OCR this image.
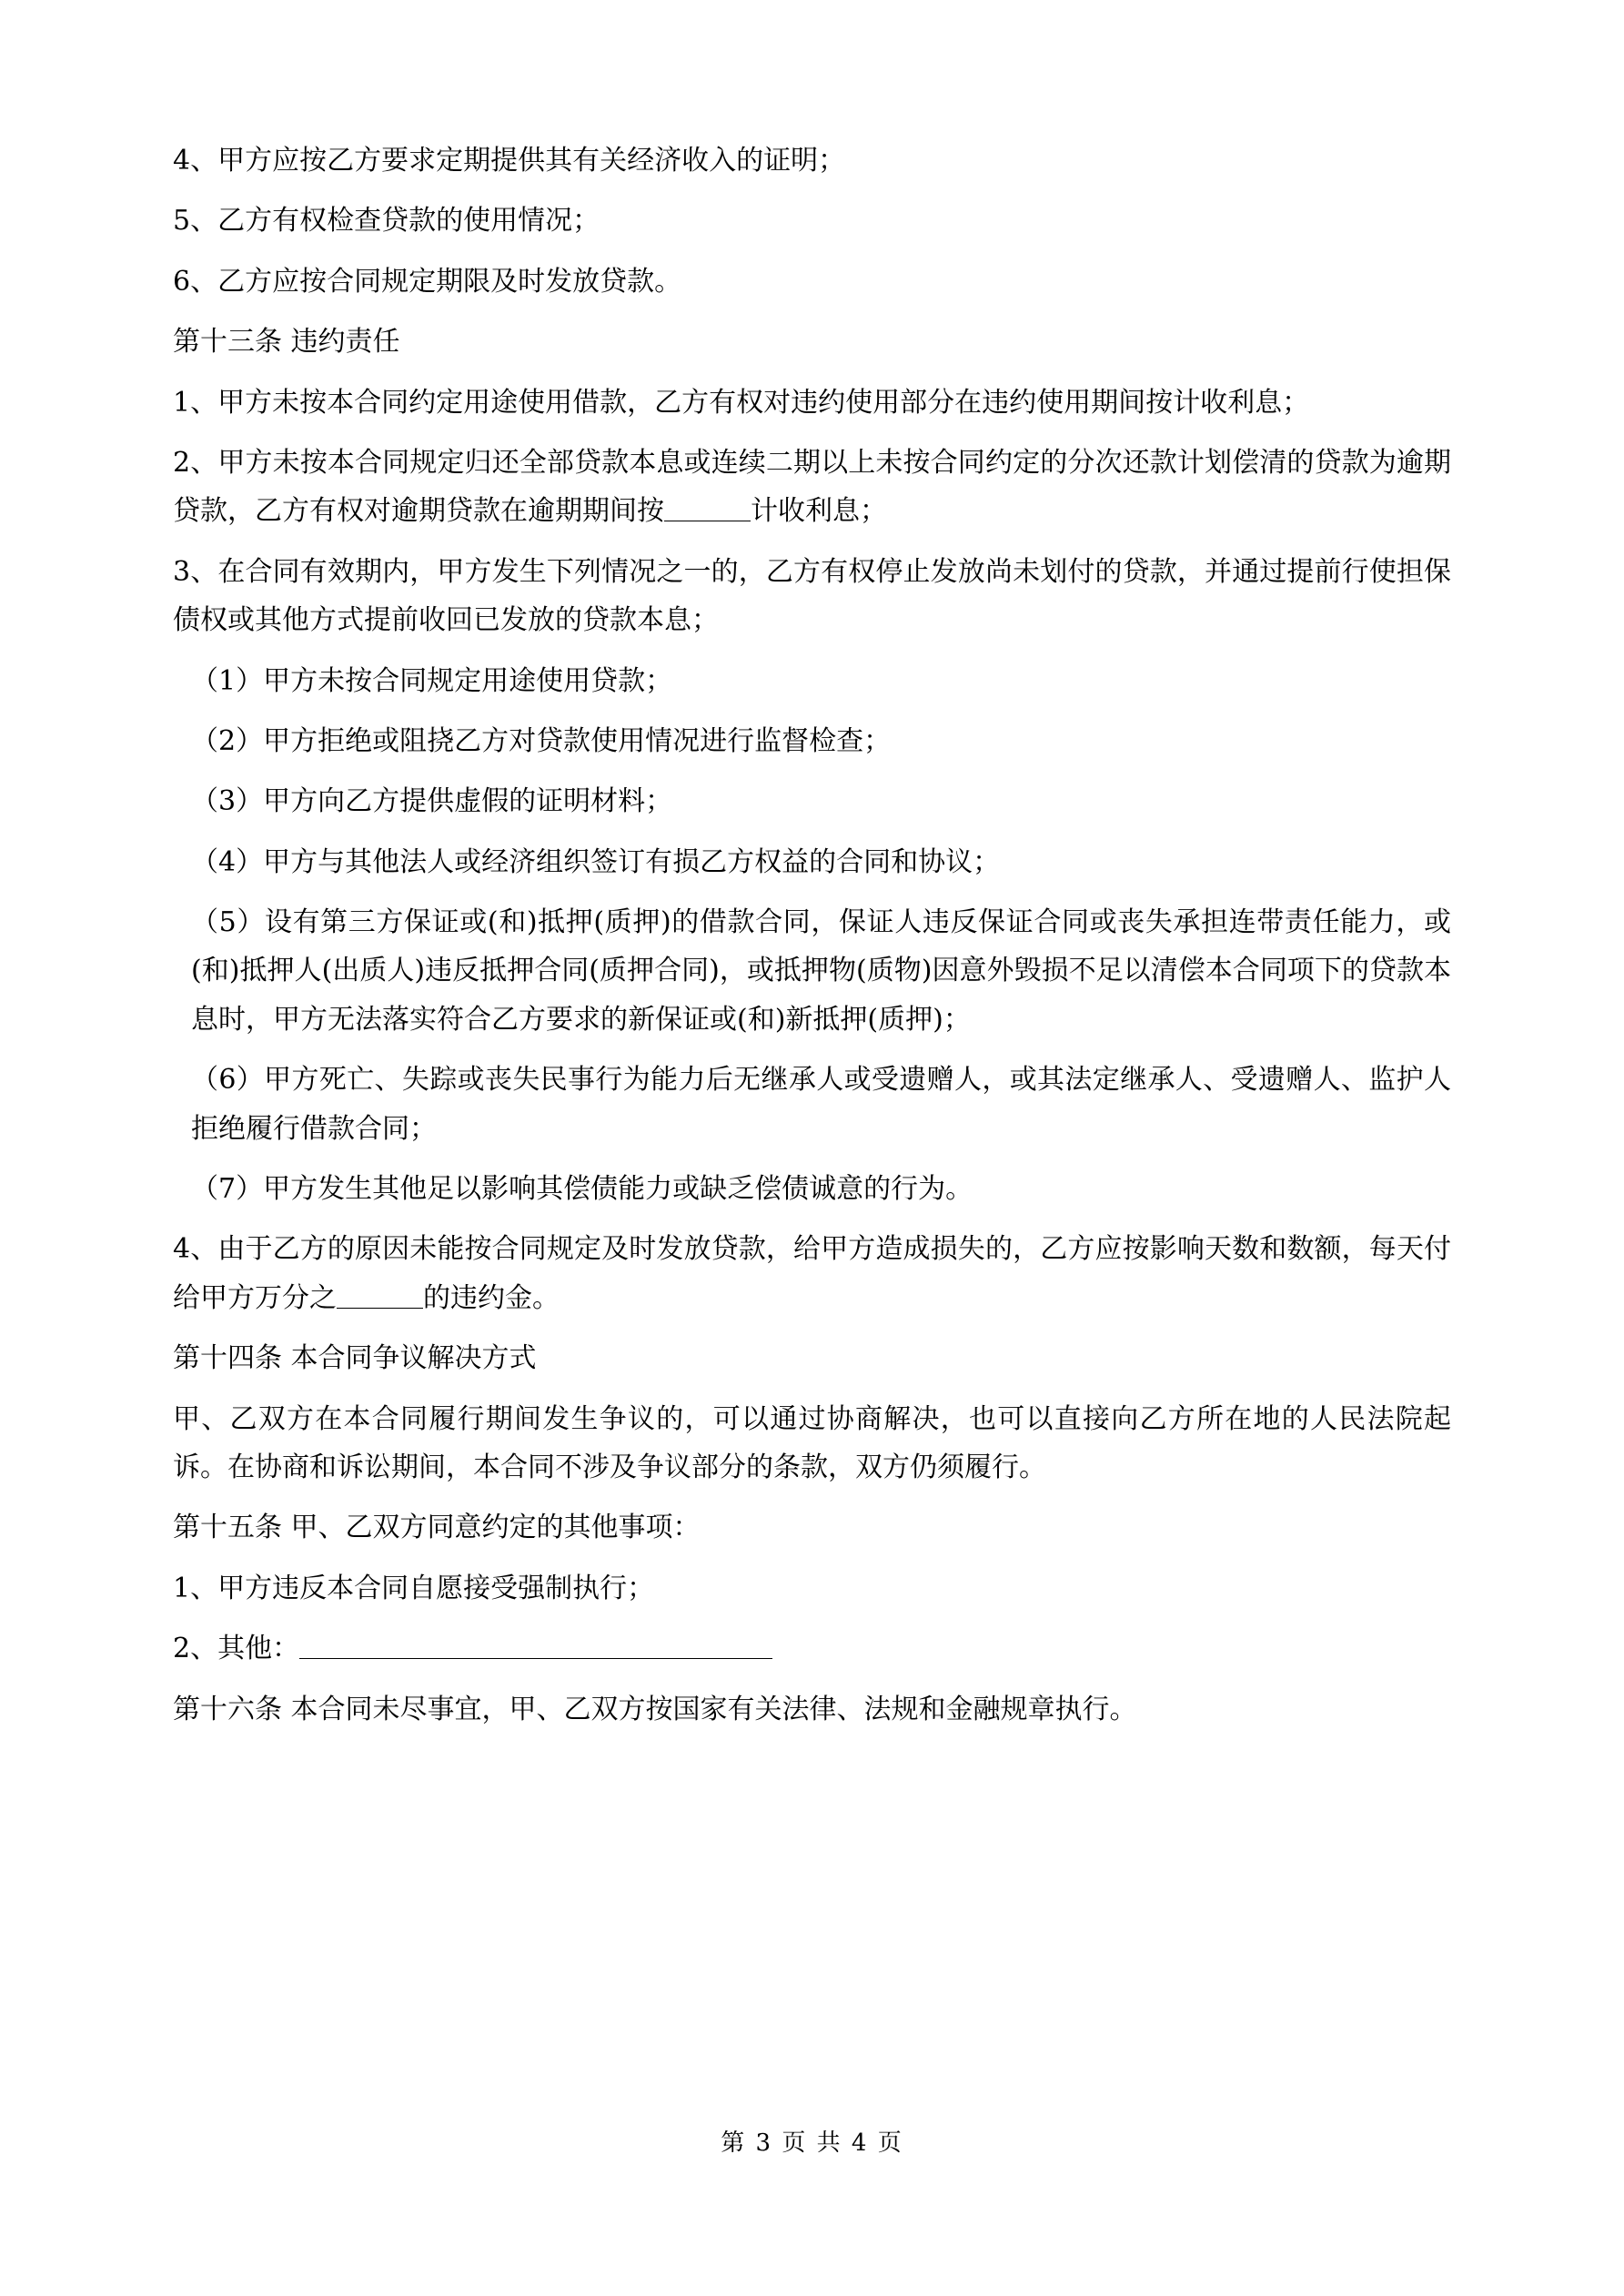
4、甲方应按乙方要求定期提供其有关经济收入的证明；

5、乙方有权检查贷款的使用情况；

6、乙方应按合同规定期限及时发放贷款。

第十三条 违约责任

1、甲方未按本合同约定用途使用借款，乙方有权对违约使用部分在违约使用期间按计收利息；

2、甲方未按本合同规定归还全部贷款本息或连续二期以上未按合同约定的分次还款计划偿清的贷款为逾期贷款，乙方有权对逾期贷款在逾期期间按	计收利息；

3、在合同有效期内，甲方发生下列情况之一的，乙方有权停止发放尚未划付的贷款，并通过提前行使担保债权或其他方式提前收回已发放的贷款本息；

（1）甲方未按合同规定用途使用贷款；

（2）甲方拒绝或阻挠乙方对贷款使用情况进行监督检查；

（3）甲方向乙方提供虚假的证明材料；

（4）甲方与其他法人或经济组织签订有损乙方权益的合同和协议；

（5）设有第三方保证或(和)抵押(质押)的借款合同，保证人违反保证合同或丧失承担连带责任能力，或(和)抵押人(出质人)违反抵押合同(质押合同)，或抵押物(质物)因意外毁损不足以清偿本合同项下的贷款本息时，甲方无法落实符合乙方要求的新保证或(和)新抵押(质押)；

（6）甲方死亡、失踪或丧失民事行为能力后无继承人或受遗赠人，或其法定继承人、受遗赠人、监护人拒绝履行借款合同；

（7）甲方发生其他足以影响其偿债能力或缺乏偿债诚意的行为。

4、由于乙方的原因未能按合同规定及时发放贷款，给甲方造成损失的，乙方应按影响天数和数额，每天付给甲方万分之	的违约金。

第十四条 本合同争议解决方式

甲、乙双方在本合同履行期间发生争议的，可以通过协商解决，也可以直接向乙方所在地的人民法院起诉。在协商和诉讼期间，本合同不涉及争议部分的条款，双方仍须履行。

第十五条 甲、乙双方同意约定的其他事项：

1、甲方违反本合同自愿接受强制执行；

2、其他：

第十六条 本合同未尽事宜，甲、乙双方按国家有关法律、法规和金融规章执行。

第 3 页 共 4 页
